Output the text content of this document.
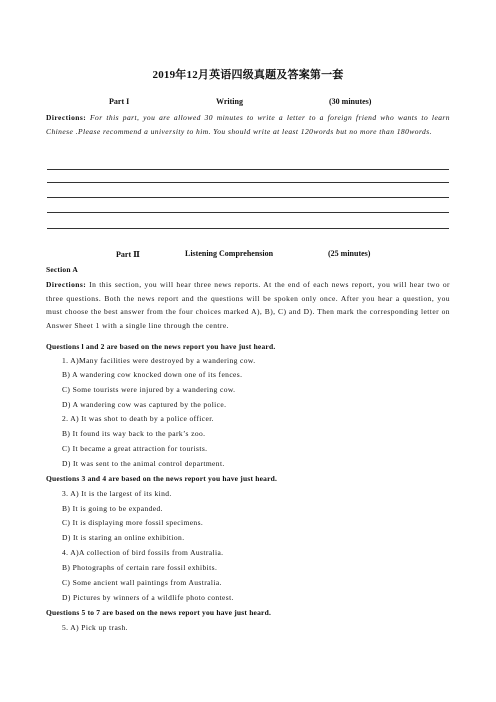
2019年12月英语四级真题及答案第一套
Part I	Writing	(30 minutes)
Directions: For this part, you are allowed 30 minutes to write a letter to a foreign friend who wants to learn Chinese .Please recommend a university to him. You should write at least 120words but no more than 180words.
Part Ⅱ	Listening Comprehension	(25 minutes)
Section A
Directions: In this section, you will hear three news reports. At the end of each news report, you will hear two or three questions. Both the news report and the questions will be spoken only once. After you hear a question, you must choose the best answer from the four choices marked A), B), C) and D). Then mark the corresponding letter on Answer Sheet 1 with a single line through the centre.
Questions l and 2 are based on the news report you have just heard.
1. A)Many facilities were destroyed by a wandering cow.
B) A wandering cow knocked down one of its fences.
C) Some tourists were injured by a wandering cow.
D) A wandering cow was captured by the police.
2. A) It was shot to death by a police officer.
B) It found its way back to the park’s zoo.
C) It became a great attraction for tourists.
D) It was sent to the animal control department.
Questions 3 and 4 are based on the news report you have just heard.
3. A) It is the largest of its kind.
B) It is going to be expanded.
C) It is displaying more fossil specimens.
D) It is staring an online exhibition.
4. A)A collection of bird fossils from Australia.
B) Photographs of certain rare fossil exhibits.
C) Some ancient wall paintings from Australia.
D) Pictures by winners of a wildlife photo contest.
Questions 5 to 7 are based on the news report you have just heard.
5. A) Pick up trash.
